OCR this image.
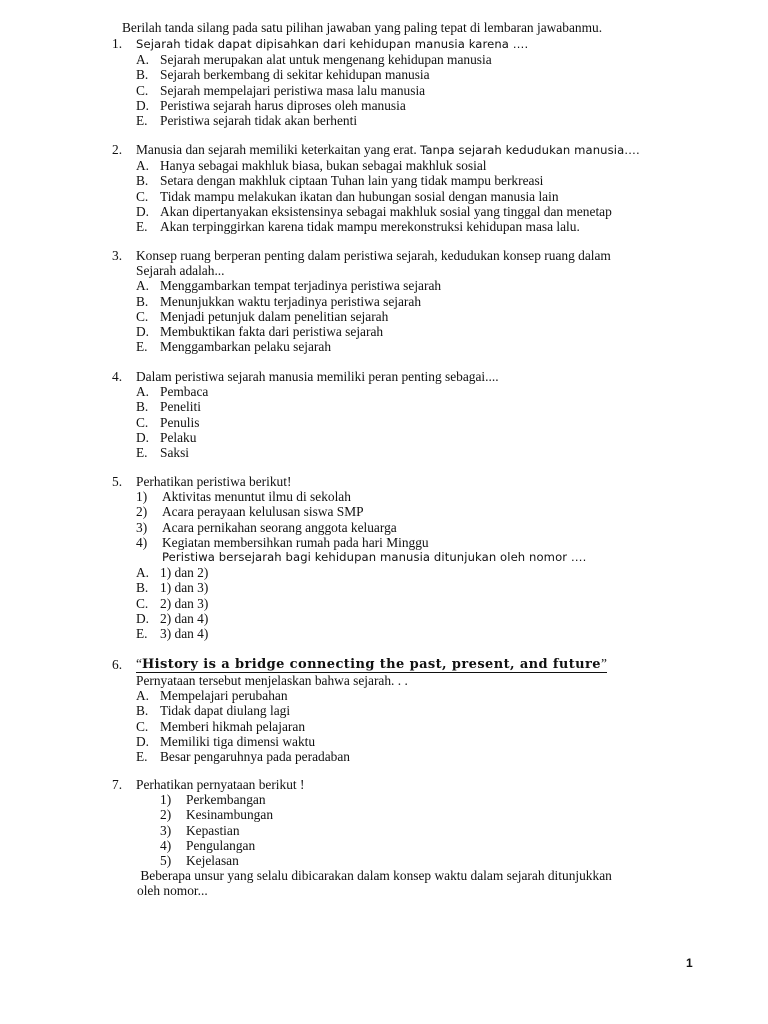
Berilah tanda silang pada satu pilihan jawaban yang paling tepat di lembaran jawabanmu.
1.	Sejarah tidak dapat dipisahkan dari kehidupan manusia karena ….
A. Sejarah merupakan alat untuk mengenang kehidupan manusia
B. Sejarah berkembang di sekitar kehidupan manusia
C. Sejarah mempelajari peristiwa masa lalu manusia
D. Peristiwa sejarah harus diproses oleh manusia
E. Peristiwa sejarah tidak akan berhenti
2.	Manusia dan sejarah memiliki keterkaitan yang erat. Tanpa sejarah kedudukan manusia….
A. Hanya sebagai makhluk biasa, bukan sebagai makhluk sosial
B. Setara dengan makhluk ciptaan Tuhan lain yang tidak mampu berkreasi
C. Tidak mampu melakukan ikatan dan hubungan sosial dengan manusia lain
D. Akan dipertanyakan eksistensinya sebagai makhluk sosial yang tinggal dan menetap
E. Akan terpinggirkan karena tidak mampu merekonstruksi kehidupan masa lalu.
3.	Konsep ruang berperan penting dalam peristiwa sejarah, kedudukan konsep ruang dalam
Sejarah adalah...
A. Menggambarkan tempat terjadinya peristiwa sejarah
B. Menunjukkan waktu terjadinya peristiwa sejarah
C. Menjadi petunjuk dalam penelitian sejarah
D. Membuktikan fakta dari peristiwa sejarah
E. Menggambarkan pelaku sejarah
4.	Dalam peristiwa sejarah manusia memiliki peran penting sebagai....
A. Pembaca
B. Peneliti
C. Penulis
D. Pelaku
E. Saksi
5.	Perhatikan peristiwa berikut!
1)	Aktivitas menuntut ilmu di sekolah
2)	Acara perayaan kelulusan siswa SMP
3)	Acara pernikahan seorang anggota keluarga
4)	Kegiatan membersihkan rumah pada hari Minggu
Peristiwa bersejarah bagi kehidupan manusia ditunjukan oleh nomor ….
A. 1) dan 2)
B. 1) dan 3)
C. 2) dan 3)
D. 2) dan 4)
E. 3) dan 4)
6.	“History is a bridge connecting the past, present, and future”
Pernyataan tersebut menjelaskan bahwa sejarah. . .
A. Mempelajari perubahan
B. Tidak dapat diulang lagi
C. Memberi hikmah pelajaran
D. Memiliki tiga dimensi waktu
E. Besar pengaruhnya pada peradaban
7.	Perhatikan pernyataan berikut !
1)	Perkembangan
2)	Kesinambungan
3)	Kepastian
4)	Pengulangan
5)	Kejelasan
Beberapa unsur yang selalu dibicarakan dalam konsep waktu dalam sejarah ditunjukkan
oleh nomor...
1
